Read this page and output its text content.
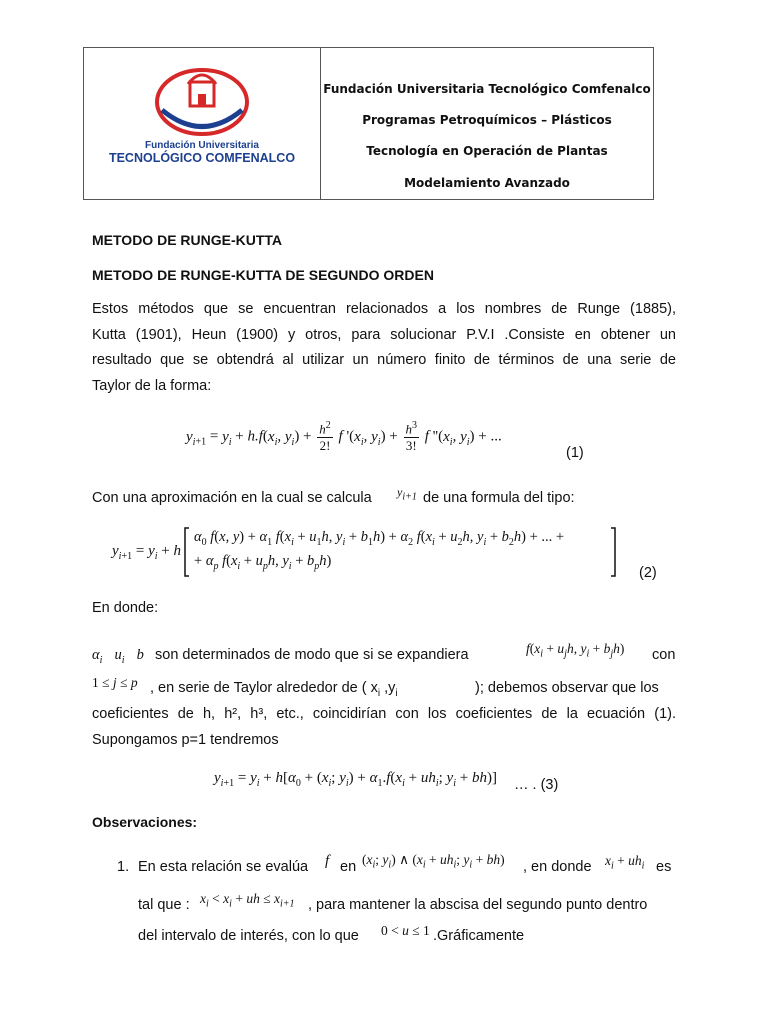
Fundación Universitaria
TECNOLÓGICO COMFENALCO
Fundación Universitaria Tecnológico Comfenalco
Programas Petroquímicos – Plásticos
Tecnología en Operación de Plantas
Modelamiento Avanzado
METODO DE RUNGE-KUTTA
METODO DE RUNGE-KUTTA DE SEGUNDO ORDEN
Estos métodos que se encuentran relacionados a los nombres de Runge (1885),
Kutta (1901), Heun (1900) y otros, para solucionar P.V.I .Consiste en obtener un
resultado que se obtendrá al utilizar un número finito de términos de una serie de
Taylor de la forma:
$y_{i+1} = y_i + h.f(x_i$, $y_i) + \frac{h^2}{2!}$ f '($x_i$, $y_i) + \frac{h^3}{3!}$ f ''($x_i$, $y_i$) + ...
(1)
Con una aproximación en la cual se calcula $y_{i+1}$ de una formula del tipo:
$y_{i+1} = y_i + h$
$\alpha_0$ f(x, $y) + \alpha_1$ $f(x_i + u_1h$, $y_i + b_1h) + \alpha_2$ $f(x_i + u_2h$, $y_i + b_2h$) + ... +
+ $\alpha_p$ $f(x_i + u_ph$, $y_i + b_ph$)
(2)
En donde:
$\alpha_i$ $u_i$ b son determinados de modo que si se expandiera	$f(x_i + u_jh$, $y_i + b_jh$) con
1 ≤ j ≤ p , en serie de Taylor alrededor de ( $x_i$ $,y_i$	); debemos observar que los
coeficientes de h, h², h³, etc., coincidirían con los coeficientes de la ecuación (1).
Supongamos p=1 tendremos
$y_{i+1} = y_i + h[\alpha_0 + (x_i$; $y_i) + \alpha_1.f(x_i + uh_i$; $y_i + bh$)] … . (3)
Observaciones:
1. En esta relación se evalúa f en ($x_i$; $y_i$) ∧ ($x_i + uh_i$; $y_i + bh$) , en donde $x_i + uh_i$ es
tal que : $x_i < x_i$ + uh ≤ $x_{i+1}$ , para mantener la abscisa del segundo punto dentro
del intervalo de interés, con lo que 0 < u ≤ 1 .Gráficamente
